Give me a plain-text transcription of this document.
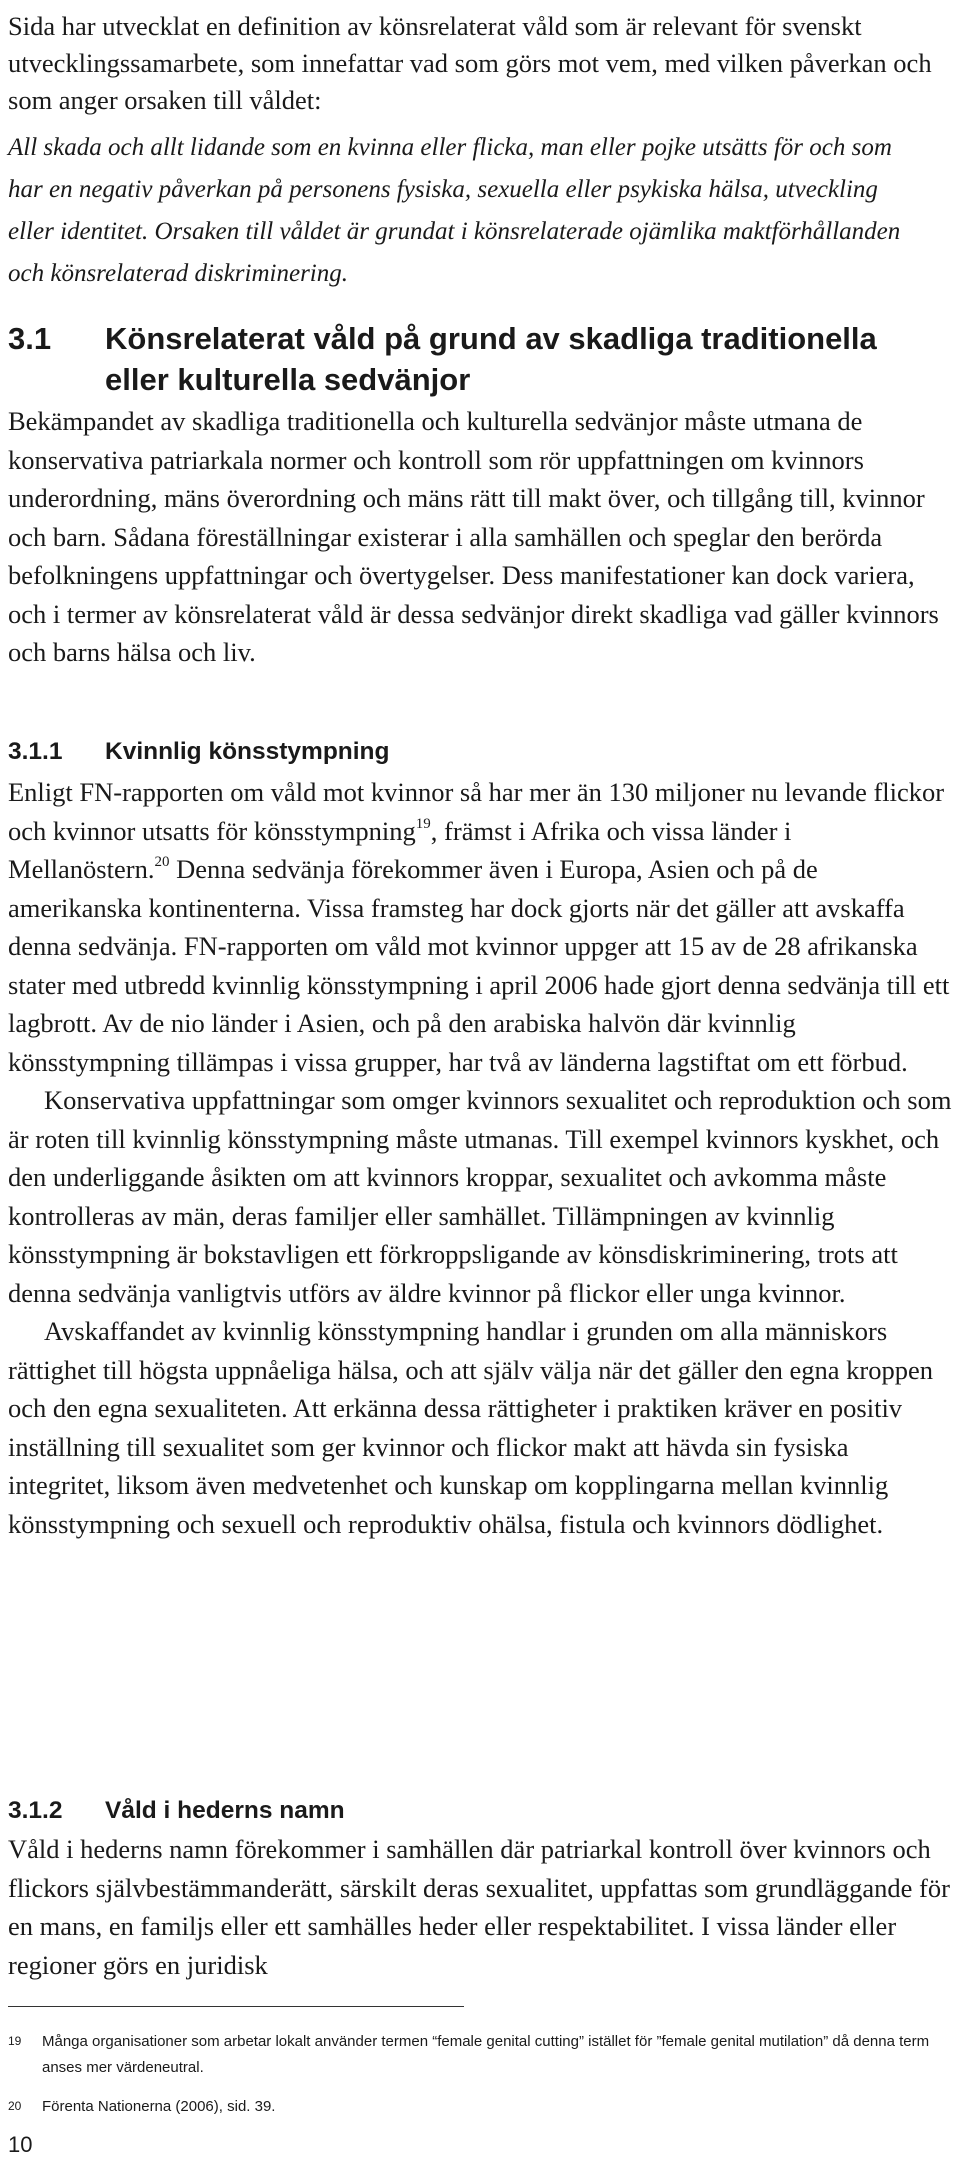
Sida har utvecklat en definition av könsrelaterat våld som är relevant för svenskt utvecklingssamarbete, som innefattar vad som görs mot vem, med vilken påverkan och som anger orsaken till våldet:
All skada och allt lidande som en kvinna eller flicka, man eller pojke utsätts för och som har en negativ påverkan på personens fysiska, sexuella eller psykiska hälsa, utveckling eller identitet. Orsaken till våldet är grundat i könsrelaterade ojämlika maktförhållanden och könsrelaterad diskriminering.
3.1 Könsrelaterat våld på grund av skadliga traditionella eller kulturella sedvänjor
Bekämpandet av skadliga traditionella och kulturella sedvänjor måste utmana de konservativa patriarkala normer och kontroll som rör uppfattningen om kvinnors underordning, mäns överordning och mäns rätt till makt över, och tillgång till, kvinnor och barn. Sådana föreställningar existerar i alla samhällen och speglar den berörda befolkningens uppfattningar och övertygelser. Dess manifestationer kan dock variera, och i termer av könsrelaterat våld är dessa sedvänjor direkt skadliga vad gäller kvinnors och barns hälsa och liv.
3.1.1 Kvinnlig könsstympning

Enligt FN-rapporten om våld mot kvinnor så har mer än 130 miljoner nu levande flickor och kvinnor utsatts för könsstympning$^{19}$, främst i Afrika och vissa länder i Mellanöstern.$^{20}$ Denna sedvänja förekommer även i Europa, Asien och på de amerikanska kontinenterna. Vissa framsteg har dock gjorts när det gäller att avskaffa denna sedvänja. FN-rapporten om våld mot kvinnor uppger att 15 av de 28 afrikanska stater med utbredd kvinnlig könsstympning i april 2006 hade gjort denna sedvänja till ett lagbrott. Av de nio länder i Asien, och på den arabiska halvön där kvinnlig könsstympning tillämpas i vissa grupper, har två av länderna lagstiftat om ett förbud.

Konservativa uppfattningar som omger kvinnors sexualitet och reproduktion och som är roten till kvinnlig könsstympning måste utmanas. Till exempel kvinnors kyskhet, och den underliggande åsikten om att kvinnors kroppar, sexualitet och avkomma måste kontrolleras av män, deras familjer eller samhället. Tillämpningen av kvinnlig könsstympning är bokstavligen ett förkroppsligande av könsdiskriminering, trots att denna sedvänja vanligtvis utförs av äldre kvinnor på flickor eller unga kvinnor.

Avskaffandet av kvinnlig könsstympning handlar i grunden om alla människors rättighet till högsta uppnåeliga hälsa, och att själv välja när det gäller den egna kroppen och den egna sexualiteten. Att erkänna dessa rättigheter i praktiken kräver en positiv inställning till sexualitet som ger kvinnor och flickor makt att hävda sin fysiska integritet, liksom även medvetenhet och kunskap om kopplingarna mellan kvinnlig könsstympning och sexuell och reproduktiv ohälsa, fistula och kvinnors dödlighet.

3.1.2 Våld i hederns namn

Våld i hederns namn förekommer i samhällen där patriarkal kontroll över kvinnors och flickors självbestämmanderätt, särskilt deras sexualitet, uppfattas som grundläggande för en mans, en familjs eller ett samhälles heder eller respektabilitet. I vissa länder eller regioner görs en juridisk

19 Många organisationer som arbetar lokalt använder termen “female genital cutting” istället för ”female genital mutilation” då denna term anses mer värdeneutral.
20 Förenta Nationerna (2006), sid. 39.
10
